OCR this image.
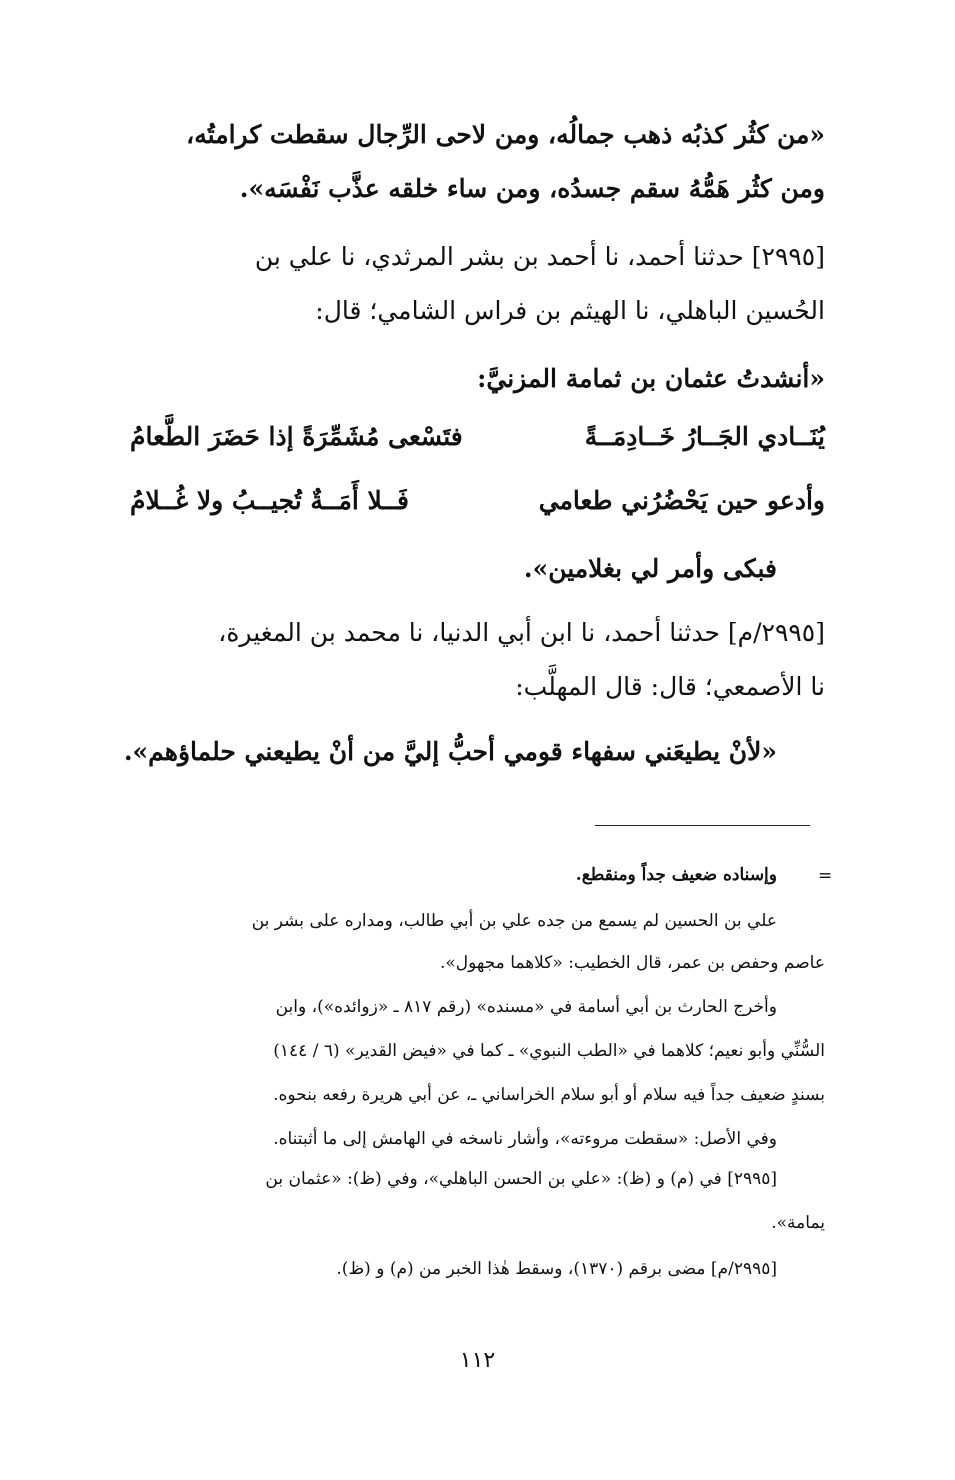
«من كثُر كذبُه ذهب جمالُه، ومن لاحى الرِّجال سقطت كرامتُه،
ومن كثُر هَمُّهُ سقم جسدُه، ومن ساء خلقه عذَّب نَفْسَه».
[٢٩٩٥] حدثنا أحمد، نا أحمد بن بشر المرثدي، نا علي بن
الحُسين الباهلي، نا الهيثم بن فراس الشامي؛ قال:
«أنشدتُ عثمان بن ثمامة المزنيَّ:
يُنَــادي الجَــارُ خَــادِمَــةً
فتَسْعى مُشَمِّرَةً إذا حَضَرَ الطَّعامُ
وأدعو حين يَحْضُرُني طعامي
فَــلا أَمَــةٌ تُجيــبُ ولا غُــلامُ
فبكى وأمر لي بغلامين».
[٢٩٩٥/م] حدثنا أحمد، نا ابن أبي الدنيا، نا محمد بن المغيرة،
نا الأصمعي؛ قال: قال المهلَّب:
«لأنْ يطيعَني سفهاء قومي أحبُّ إليَّ من أنْ يطيعني حلماؤهم».
=
وإسناده ضعيف جداً ومنقطع.
علي بن الحسين لم يسمع من جده علي بن أبي طالب، ومداره على بشر بن
عاصم وحفص بن عمر، قال الخطيب: «كلاهما مجهول».
وأخرج الحارث بن أبي أسامة في «مسنده» (رقم ٨١٧ ـ «زوائده»)، وابن
السُّنِّي وأبو نعيم؛ كلاهما في «الطب النبوي» ـ كما في «فيض القدير» (٦ / ١٤٤)
بسندٍ ضعيف جداً فيه سلام أو أبو سلام الخراساني ـ، عن أبي هريرة رفعه بنحوه.
وفي الأصل: «سقطت مروءته»، وأشار ناسخه في الهامش إلى ما أثبتناه.
[٢٩٩٥] في (م) و (ظ): «علي بن الحسن الباهلي»، وفي (ظ): «عثمان بن
يمامة».
[٢٩٩٥/م] مضى برقم (١٣٧٠)، وسقط هٰذا الخبر من (م) و (ظ).
١١٢
